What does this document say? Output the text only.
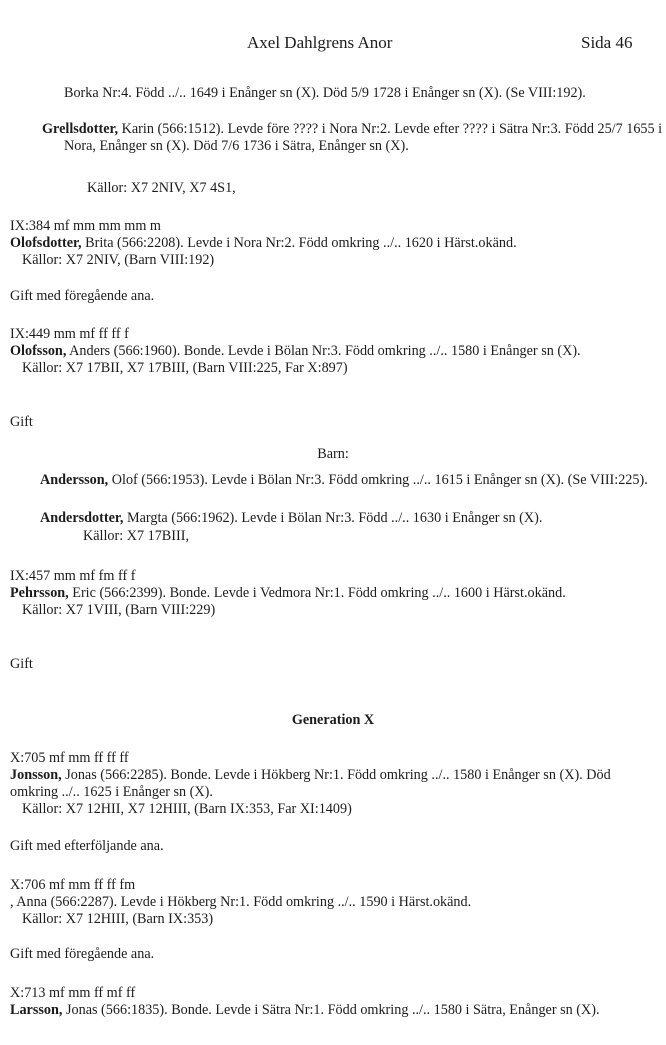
Axel Dahlgrens Anor	Sida 46
Borka Nr:4. Född ../.. 1649 i Enånger sn (X). Död 5/9 1728 i Enånger sn (X). (Se VIII:192).
Grellsdotter, Karin (566:1512). Levde före ???? i Nora Nr:2. Levde efter ???? i Sätra Nr:3. Född 25/7 1655 i Nora, Enånger sn (X). Död 7/6 1736 i Sätra, Enånger sn (X).
Källor: X7 2NIV, X7 4S1,
IX:384 mf mm mm mm m
Olofsdotter, Brita (566:2208). Levde i Nora Nr:2. Född omkring ../.. 1620 i Härst.okänd.
Källor: X7 2NIV, (Barn VIII:192)
Gift med föregående ana.
IX:449 mm mf ff ff f
Olofsson, Anders (566:1960). Bonde. Levde i Bölan Nr:3. Född omkring ../.. 1580 i Enånger sn (X).
Källor: X7 17BII, X7 17BIII, (Barn VIII:225, Far X:897)
Gift
Barn:
Andersson, Olof (566:1953). Levde i Bölan Nr:3. Född omkring ../.. 1615 i Enånger sn (X). (Se VIII:225).
Andersdotter, Margta (566:1962). Levde i Bölan Nr:3. Född ../.. 1630 i Enånger sn (X).
Källor: X7 17BIII,
IX:457 mm mf fm ff f
Pehrsson, Eric (566:2399). Bonde. Levde i Vedmora Nr:1. Född omkring ../.. 1600 i Härst.okänd.
Källor: X7 1VIII, (Barn VIII:229)
Gift
Generation X
X:705 mf mm ff ff ff
Jonsson, Jonas (566:2285). Bonde. Levde i Hökberg Nr:1. Född omkring ../.. 1580 i Enånger sn (X). Död omkring ../.. 1625 i Enånger sn (X).
Källor: X7 12HII, X7 12HIII, (Barn IX:353, Far XI:1409)
Gift med efterföljande ana.
X:706 mf mm ff ff fm
, Anna (566:2287). Levde i Hökberg Nr:1. Född omkring ../.. 1590 i Härst.okänd.
Källor: X7 12HIII, (Barn IX:353)
Gift med föregående ana.
X:713 mf mm ff mf ff
Larsson, Jonas (566:1835). Bonde. Levde i Sätra Nr:1. Född omkring ../.. 1580 i Sätra, Enånger sn (X).
